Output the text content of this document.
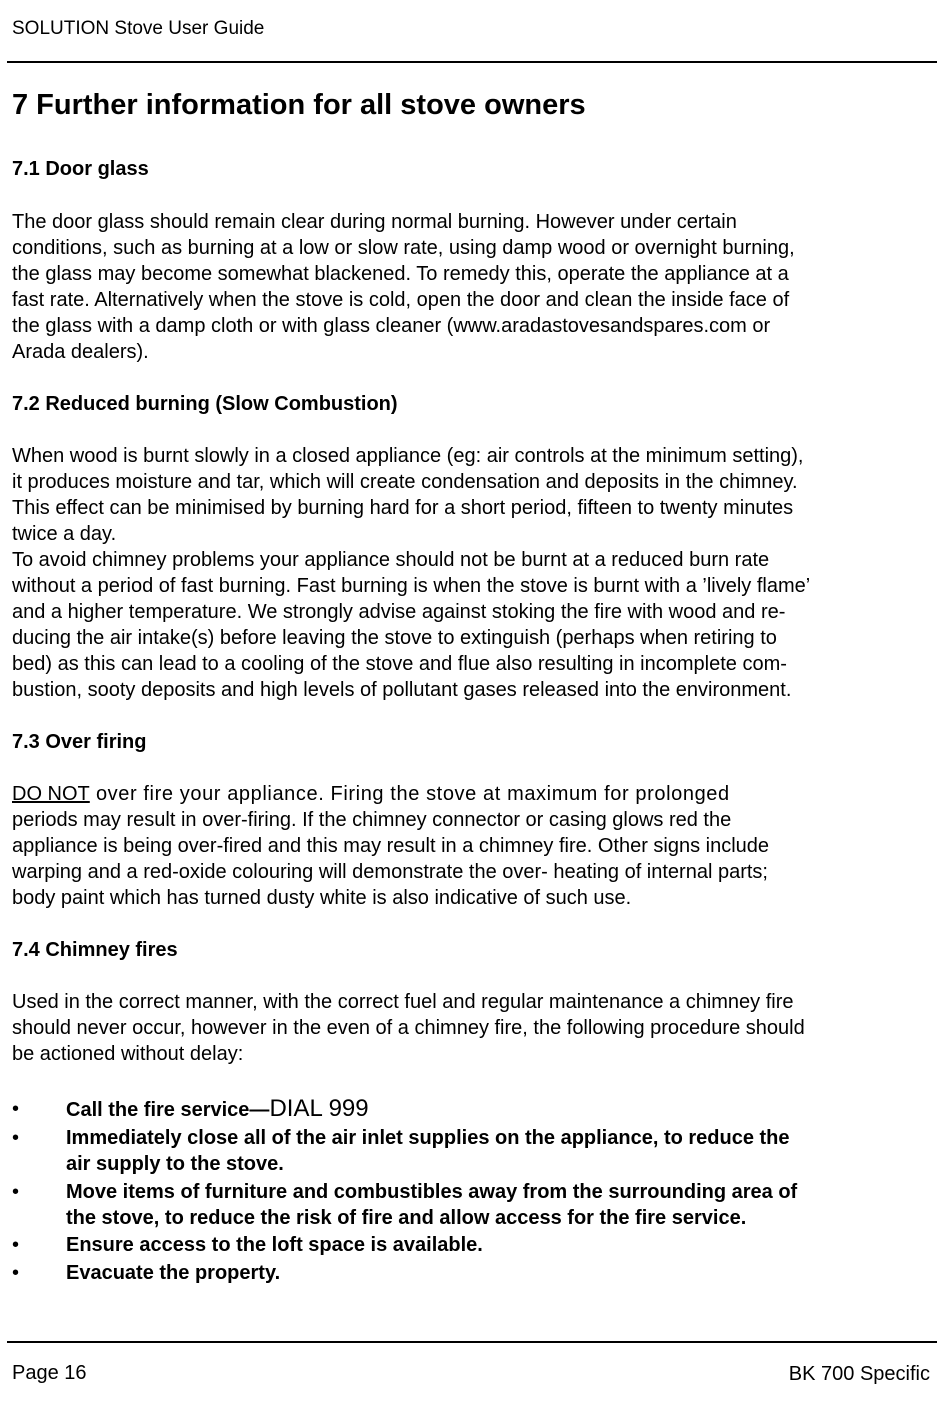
SOLUTION Stove User Guide
7 Further information for all stove owners
7.1 Door glass

The door glass should remain clear during normal burning. However under certain
conditions, such as burning at a low or slow rate, using damp wood or overnight burning,
the glass may become somewhat blackened. To remedy this, operate the appliance at a
fast rate. Alternatively when the stove is cold, open the door and clean the inside face of
the glass with a damp cloth or with glass cleaner (www.aradastovesandspares.com or
Arada dealers).

7.2 Reduced burning (Slow Combustion)

When wood is burnt slowly in a closed appliance (eg: air controls at the minimum setting),
it produces moisture and tar, which will create condensation and deposits in the chimney.
This effect can be minimised by burning hard for a short period, fifteen to twenty minutes
twice a day.
To avoid chimney problems your appliance should not be burnt at a reduced burn rate
without a period of fast burning. Fast burning is when the stove is burnt with a ’lively flame’
and a higher temperature. We strongly advise against stoking the fire with wood and re-
ducing the air intake(s) before leaving the stove to extinguish (perhaps when retiring to
bed) as this can lead to a cooling of the stove and flue also resulting in incomplete com-
bustion, sooty deposits and high levels of pollutant gases released into the environment.

7.3 Over firing

DO NOT over fire your appliance. Firing the stove at maximum for prolonged
periods may result in over-firing. If the chimney connector or casing glows red the
appliance is being over-fired and this may result in a chimney fire. Other signs include
warping and a red-oxide colouring will demonstrate the over- heating of internal parts;
body paint which has turned dusty white is also indicative of such use.

7.4 Chimney fires

Used in the correct manner, with the correct fuel and regular maintenance a chimney fire
should never occur, however in the even of a chimney fire, the following procedure should
be actioned without delay:

• Call the fire service—DIAL 999
• Immediately close all of the air inlet supplies on the appliance, to reduce the
air supply to the stove.
• Move items of furniture and combustibles away from the surrounding area of
the stove, to reduce the risk of fire and allow access for the fire service.
• Ensure access to the loft space is available.
• Evacuate the property.
Page 16	BK 700 Specific
